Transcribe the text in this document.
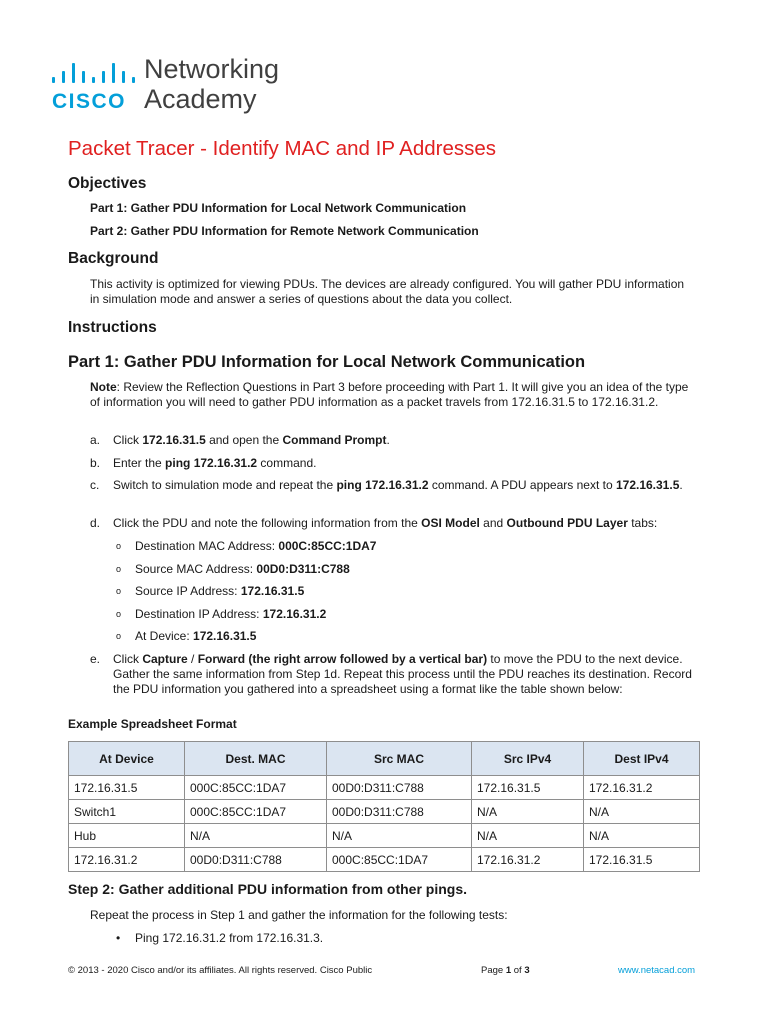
CISCO
Networking
Academy
Packet Tracer - Identify MAC and IP Addresses
Objectives
Part 1: Gather PDU Information for Local Network Communication
Part 2: Gather PDU Information for Remote Network Communication
Background
This activity is optimized for viewing PDUs. The devices are already configured. You will gather PDU information in simulation mode and answer a series of questions about the data you collect.
Instructions
Part 1: Gather PDU Information for Local Network Communication
Note: Review the Reflection Questions in Part 3 before proceeding with Part 1. It will give you an idea of the type of information you will need to gather PDU information as a packet travels from 172.16.31.5 to 172.16.31.2.
a. Click 172.16.31.5 and open the Command Prompt.
b. Enter the ping 172.16.31.2 command.
c. Switch to simulation mode and repeat the ping 172.16.31.2 command. A PDU appears next to 172.16.31.5.
d. Click the PDU and note the following information from the OSI Model and Outbound PDU Layer tabs:
o Destination MAC Address: 000C:85CC:1DA7
o Source MAC Address: 00D0:D311:C788
o Source IP Address: 172.16.31.5
o Destination IP Address: 172.16.31.2
o At Device: 172.16.31.5
e. Click Capture / Forward (the right arrow followed by a vertical bar) to move the PDU to the next device. Gather the same information from Step 1d. Repeat this process until the PDU reaches its destination. Record the PDU information you gathered into a spreadsheet using a format like the table shown below:
Example Spreadsheet Format
At Device	Dest. MAC	Src MAC	Src IPv4	Dest IPv4
172.16.31.5	000C:85CC:1DA7	00D0:D311:C788	172.16.31.5	172.16.31.2
Switch1	000C:85CC:1DA7	00D0:D311:C788	N/A	N/A
Hub	N/A	N/A	N/A	N/A
172.16.31.2	00D0:D311:C788	000C:85CC:1DA7	172.16.31.2	172.16.31.5
Step 2: Gather additional PDU information from other pings.
Repeat the process in Step 1 and gather the information for the following tests:
• Ping 172.16.31.2 from 172.16.31.3.
© 2013 - 2020 Cisco and/or its affiliates. All rights reserved. Cisco Public	Page 1 of 3	www.netacad.com
